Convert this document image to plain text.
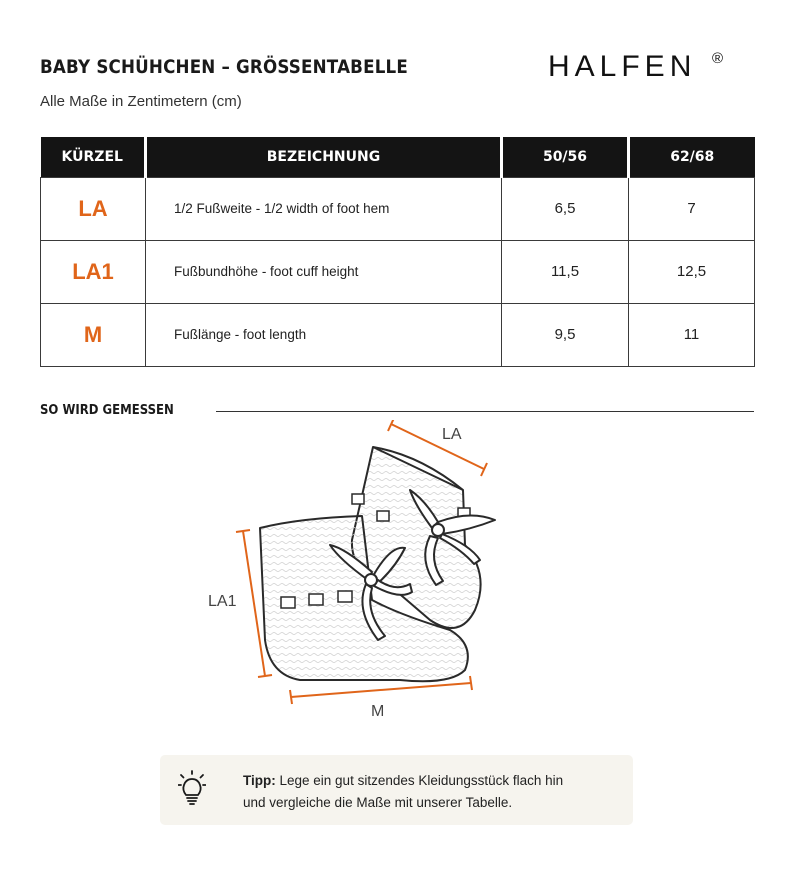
BABY SCHÜHCHEN – GRÖSSENTABELLE
Alle Maße in Zentimetern (cm)
HALFEN ®
KÜRZEL	BEZEICHNUNG	50/56	62/68
LA	1/2 Fußweite - 1/2 width of foot hem	6,5	7
LA1	Fußbundhöhe - foot cuff height	11,5	12,5
M	Fußlänge - foot length	9,5	11
SO WIRD GEMESSEN
LA
LA1
M
Tipp: Lege ein gut sitzendes Kleidungsstück flach hin
und vergleiche die Maße mit unserer Tabelle.
